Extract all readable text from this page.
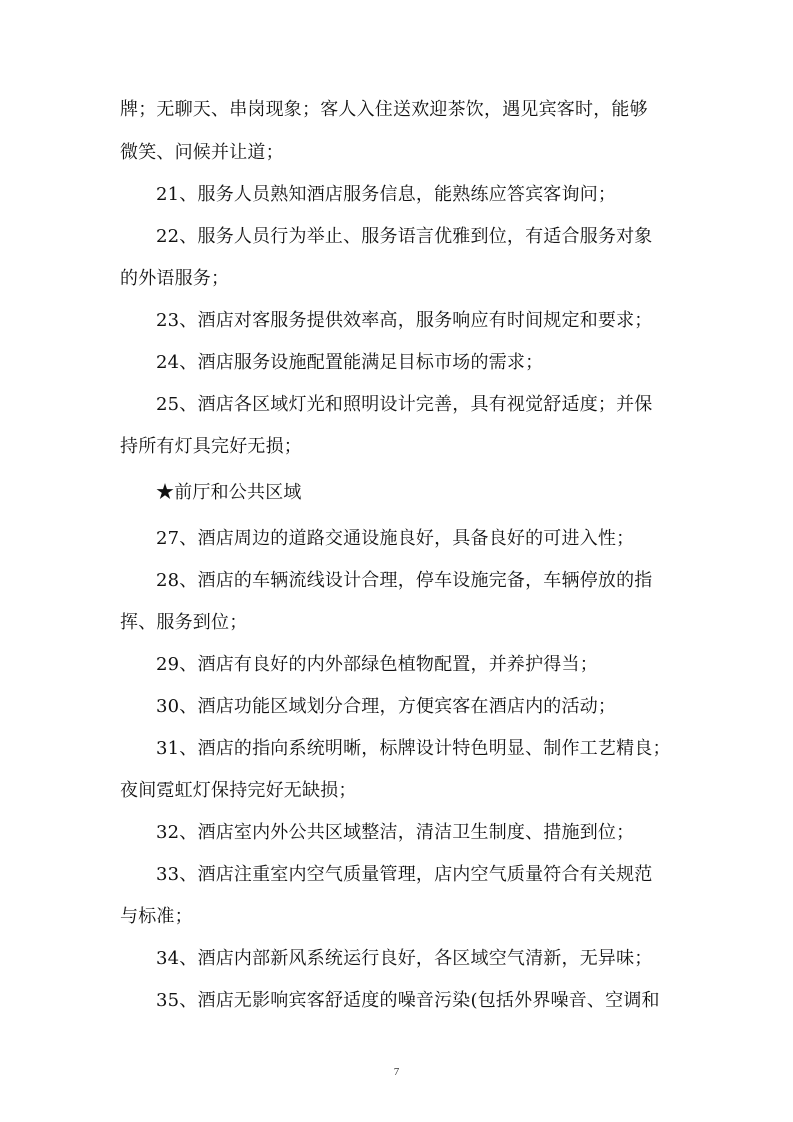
牌；无聊天、串岗现象；客人入住送欢迎茶饮，遇见宾客时，能够
微笑、问候并让道；
21、服务人员熟知酒店服务信息，能熟练应答宾客询问；
22、服务人员行为举止、服务语言优雅到位，有适合服务对象
的外语服务；
23、酒店对客服务提供效率高，服务响应有时间规定和要求；
24、酒店服务设施配置能满足目标市场的需求；
25、酒店各区域灯光和照明设计完善，具有视觉舒适度；并保
持所有灯具完好无损；
★前厅和公共区域
27、酒店周边的道路交通设施良好，具备良好的可进入性；
28、酒店的车辆流线设计合理，停车设施完备，车辆停放的指
挥、服务到位；
29、酒店有良好的内外部绿色植物配置，并养护得当；
30、酒店功能区域划分合理，方便宾客在酒店内的活动；
31、酒店的指向系统明晰，标牌设计特色明显、制作工艺精良；
夜间霓虹灯保持完好无缺损；
32、酒店室内外公共区域整洁，清洁卫生制度、措施到位；
33、酒店注重室内空气质量管理，店内空气质量符合有关规范
与标准；
34、酒店内部新风系统运行良好，各区域空气清新，无异味；
35、酒店无影响宾客舒适度的噪音污染(包括外界噪音、空调和
7
